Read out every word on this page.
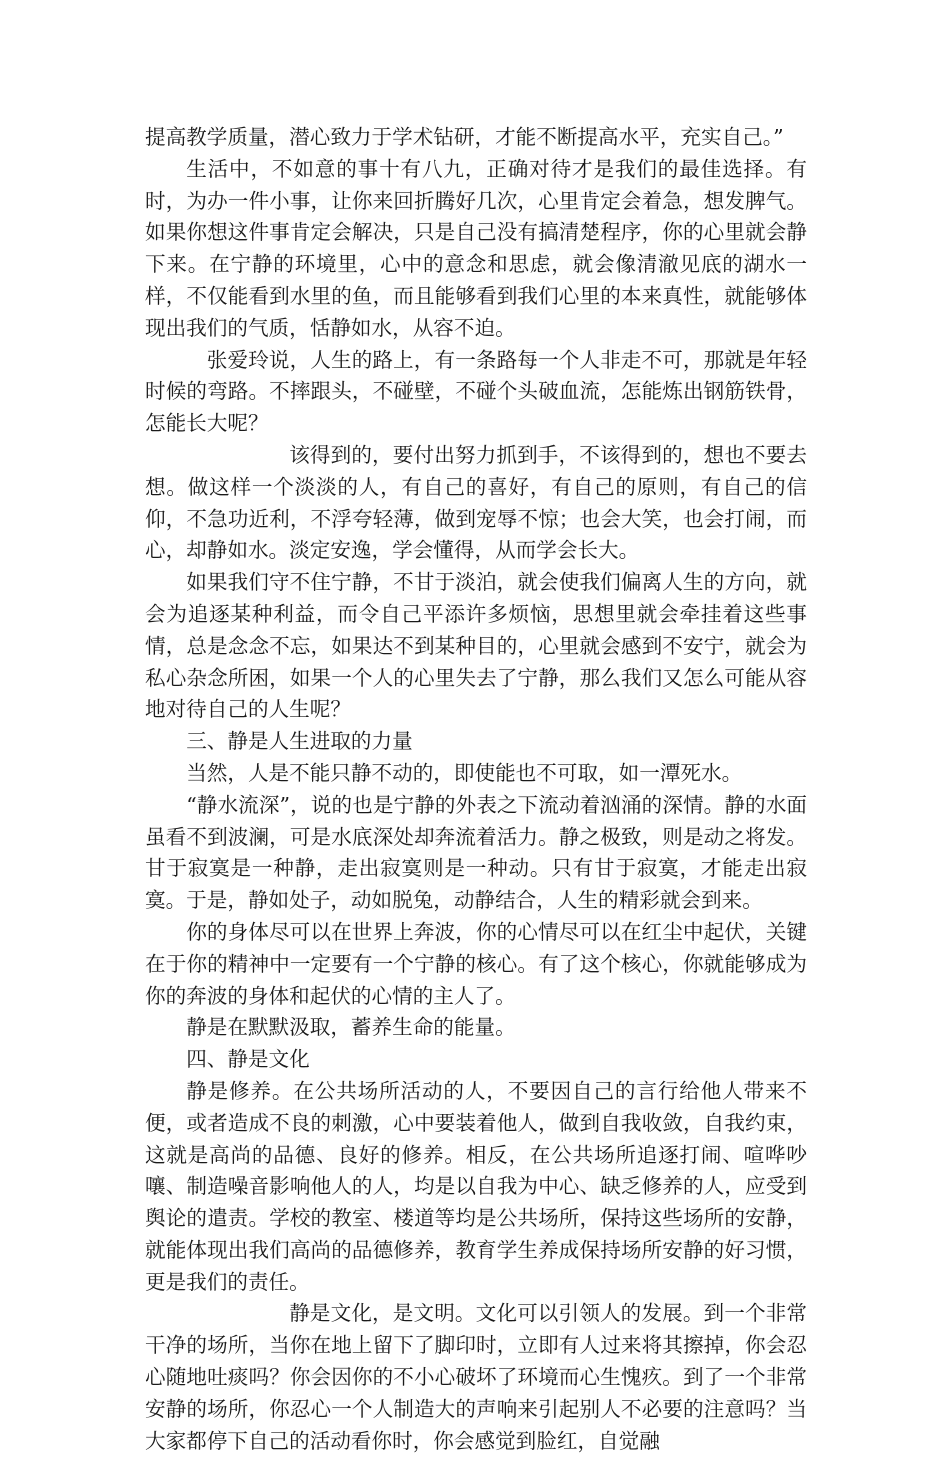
提高教学质量，潜心致力于学术钻研，才能不断提高水平，充实自己。”

生活中，不如意的事十有八九，正确对待才是我们的最佳选择。有时，为办一件小事，让你来回折腾好几次，心里肯定会着急，想发脾气。如果你想这件事肯定会解决，只是自己没有搞清楚程序，你的心里就会静下来。在宁静的环境里，心中的意念和思虑，就会像清澈见底的湖水一样，不仅能看到水里的鱼，而且能够看到我们心里的本来真性，就能够体现出我们的气质，恬静如水，从容不迫。

张爱玲说，人生的路上，有一条路每一个人非走不可，那就是年轻时候的弯路。不摔跟头，不碰壁，不碰个头破血流，怎能炼出钢筋铁骨，怎能长大呢？

该得到的，要付出努力抓到手，不该得到的，想也不要去想。做这样一个淡淡的人，有自己的喜好，有自己的原则，有自己的信仰，不急功近利，不浮夸轻薄，做到宠辱不惊；也会大笑，也会打闹，而心，却静如水。淡定安逸，学会懂得，从而学会长大。

如果我们守不住宁静，不甘于淡泊，就会使我们偏离人生的方向，就会为追逐某种利益，而令自己平添许多烦恼，思想里就会牵挂着这些事情，总是念念不忘，如果达不到某种目的，心里就会感到不安宁，就会为私心杂念所困，如果一个人的心里失去了宁静，那么我们又怎么可能从容地对待自己的人生呢？

三、静是人生进取的力量

当然，人是不能只静不动的，即使能也不可取，如一潭死水。

“静水流深”，说的也是宁静的外表之下流动着汹涌的深情。静的水面虽看不到波澜，可是水底深处却奔流着活力。静之极致，则是动之将发。甘于寂寞是一种静，走出寂寞则是一种动。只有甘于寂寞，才能走出寂寞。于是，静如处子，动如脱兔，动静结合，人生的精彩就会到来。

你的身体尽可以在世界上奔波，你的心情尽可以在红尘中起伏，关键在于你的精神中一定要有一个宁静的核心。有了这个核心，你就能够成为你的奔波的身体和起伏的心情的主人了。

静是在默默汲取，蓄养生命的能量。

四、静是文化

静是修养。在公共场所活动的人，不要因自己的言行给他人带来不便，或者造成不良的刺激，心中要装着他人，做到自我收敛，自我约束，这就是高尚的品德、良好的修养。相反，在公共场所追逐打闹、喧哗吵嚷、制造噪音影响他人的人，均是以自我为中心、缺乏修养的人，应受到舆论的遣责。学校的教室、楼道等均是公共场所，保持这些场所的安静，就能体现出我们高尚的品德修养，教育学生养成保持场所安静的好习惯，更是我们的责任。

静是文化，是文明。文化可以引领人的发展。到一个非常干净的场所，当你在地上留下了脚印时，立即有人过来将其擦掉，你会忍心随地吐痰吗？你会因你的不小心破坏了环境而心生愧疚。到了一个非常安静的场所，你忍心一个人制造大的声响来引起别人不必要的注意吗？当大家都停下自己的活动看你时，你会感觉到脸红，自觉融
